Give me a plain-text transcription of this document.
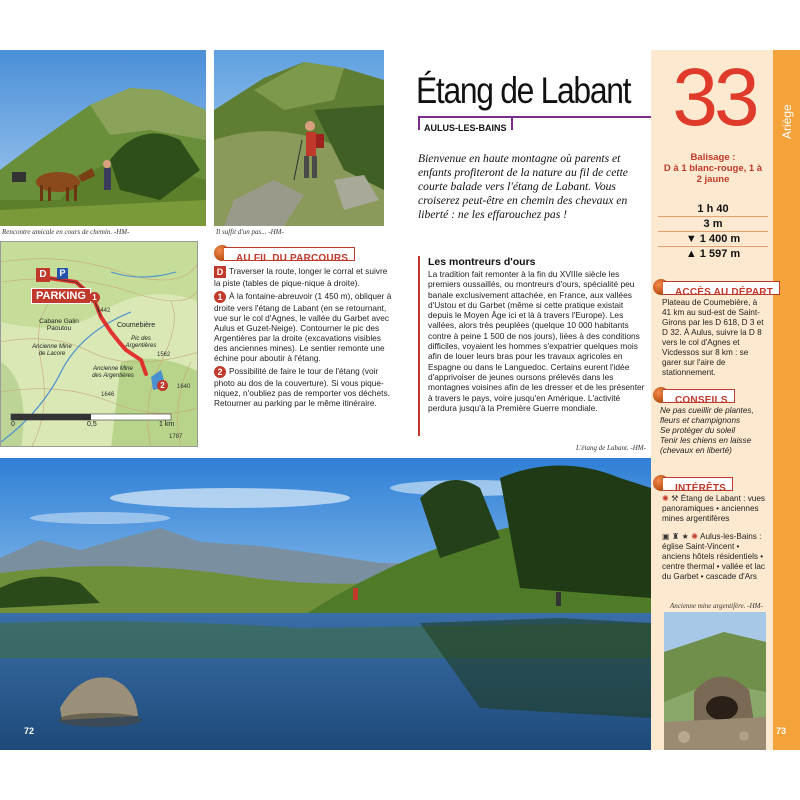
Rencontre amicale en cours de chemin. -HM-	Il suffit d'un pas... -HM-
Étang de Labant
AULUS-LES-BAINS	Ariège
33
Balisage :
D à 1 blanc-rouge, 1 à 2 jaune
1 h 40
3 m
▼ 1 400 m
▲ 1 597 m
ACCÈS AU DÉPART
Plateau de Coumebière, à 41 km au sud-est de Saint-Girons par les D 618, D 3 et D 32. À Aulus, suivre la D 8 vers le col d'Agnes et Vicdessos sur 8 km : se garer sur l'aire de stationnement.
CONSEILS
Ne pas cueillir de plantes, fleurs et champignons
Se protéger du soleil
Tenir les chiens en laisse (chevaux en liberté)
INTÉRÊTS
✺ ⚒ Étang de Labant : vues panoramiques • anciennes mines argentifères
▣ ♜ ★ ✺ Aulus-les-Bains : église Saint-Vincent • anciens hôtels résidentiels • centre thermal • vallée et lac du Garbet • cascade d'Ars
Ancienne mine argentifère. -HM-
PARKING
D	P
Coumebière
Cabane Galin Paoutou
Ancienne Mine de Lacore
Ancienne Mine des Argentières
Pic des Argentières
1442
1562
1640
1646
1787
1
2
0	0,5	1 km
AU FIL DU PARCOURS

D Traverser la route, longer le corral et suivre la piste (tables de pique-nique à droite).

1 À la fontaine-abreuvoir (1 450 m), obliquer à droite vers l'étang de Labant (en se retournant, vue sur le col d'Agnes, le vallée du Garbet avec Aulus et Guzet-Neige). Contourner le pic des Argentières par la droite (excavations visibles des anciennes mines). Le sentier remonte une échine pour aboutir à l'étang.

2 Possibilité de faire le tour de l'étang (voir photo au dos de la couverture). Si vous pique-niquez, n'oubliez pas de remporter vos déchets. Retourner au parking par le même itinéraire.

Bienvenue en haute montagne où parents et enfants profiteront de la nature au fil de cette courte balade vers l'étang de Labant. Vous croiserez peut-être en chemin des chevaux en liberté : ne les effarouchez pas !
Les montreurs d'ours
La tradition fait remonter à la fin du XVIIIe siècle les premiers oussaillés, ou montreurs d'ours, spécialité peu banale exclusivement attachée, en France, aux vallées d'Ustou et du Garbet (même si cette pratique existait depuis le Moyen Âge ici et là à travers l'Europe). Les vallées, alors très peuplées (quelque 10 000 habitants contre à peine 1 500 de nos jours), liées à des conditions difficiles, voyaient les hommes s'expatrier quelques mois afin de louer leurs bras pour les travaux agricoles en Espagne ou dans le Languedoc. Certains eurent l'idée d'apprivoiser de jeunes oursons prélevés dans les montagnes voisines afin de les dresser et de les présenter à travers le pays, voire jusqu'en Amérique. L'activité perdura jusqu'à la Première Guerre mondiale.
L'étang de Labant. -HM-
72	73
